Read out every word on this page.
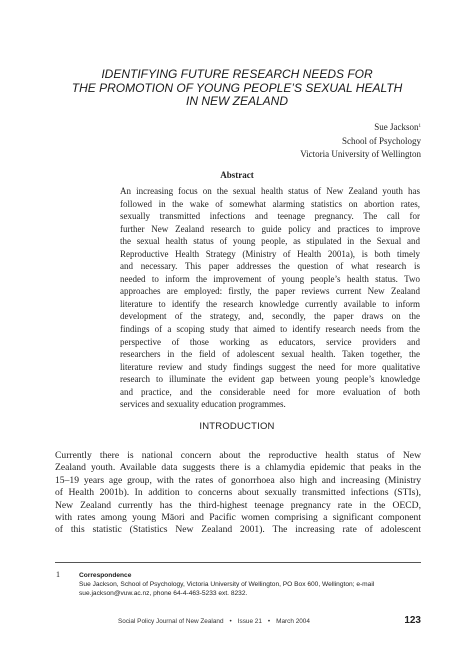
IDENTIFYING FUTURE RESEARCH NEEDS FOR
THE PROMOTION OF YOUNG PEOPLE’S SEXUAL HEALTH
IN NEW ZEALAND
Sue Jackson$^1$
School of Psychology
Victoria University of Wellington
Abstract
An increasing focus on the sexual health status of New Zealand youth has
followed in the wake of somewhat alarming statistics on abortion rates,
sexually transmitted infections and teenage pregnancy. The call for
further New Zealand research to guide policy and practices to improve
the sexual health status of young people, as stipulated in the Sexual and
Reproductive Health Strategy (Ministry of Health 2001a), is both timely
and necessary. This paper addresses the question of what research is
needed to inform the improvement of young people’s health status. Two
approaches are employed: firstly, the paper reviews current New Zealand
literature to identify the research knowledge currently available to inform
development of the strategy, and, secondly, the paper draws on the
findings of a scoping study that aimed to identify research needs from the
perspective of those working as educators, service providers and
researchers in the field of adolescent sexual health. Taken together, the
literature review and study findings suggest the need for more qualitative
research to illuminate the evident gap between young people’s knowledge
and practice, and the considerable need for more evaluation of both
services and sexuality education programmes.
INTRODUCTION
Currently there is national concern about the reproductive health status of New
Zealand youth. Available data suggests there is a chlamydia epidemic that peaks in the
15–19 years age group, with the rates of gonorrhoea also high and increasing (Ministry
of Health 2001b). In addition to concerns about sexually transmitted infections (STIs),
New Zealand currently has the third-highest teenage pregnancy rate in the OECD,
with rates among young Māori and Pacific women comprising a significant component
of this statistic (Statistics New Zealand 2001). The increasing rate of adolescent
1	Correspondence
Sue Jackson, School of Psychology, Victoria University of Wellington, PO Box 600, Wellington; e-mail
sue.jackson@vuw.ac.nz, phone 64-4-463-5233 ext. 8232.
Social Policy Journal of New Zealand • Issue 21 • March 2004	123
